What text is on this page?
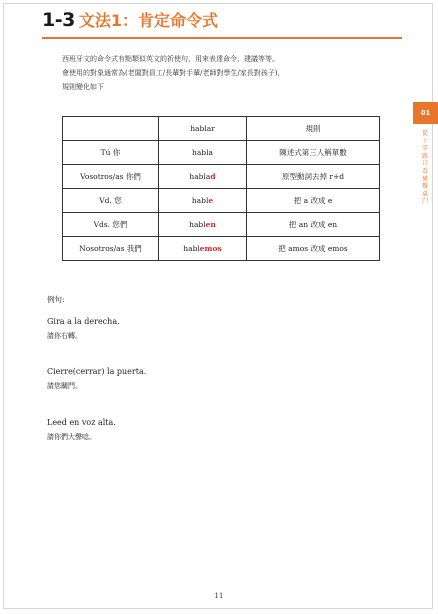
1-3 文法1：肯定命令式
西班牙文的命令式有點類似英文的祈使句，用來表達命令、建議等等。
會使用的對象通常為(老闆對員工/長輩對手輩/老師對學生/家長對孩子)，
規則變化如下
01
從十字路口看懂餐桌了！
	hablar	規則
Tú 你	habla	陳述式第三人稱單數
Vosotros/as 你們	hablad	原型動詞去掉 r+d
Vd. 您	hable	把 a 改成 e
Vds. 您們	hablen	把 an 改成 en
Nosotros/as 我們	hablemos	把 amos 改成 emos
例句:
Gira a la derecha.
請你右轉。
Cierre(cerrar) la puerta.
請您關門。
Leed en voz alta.
請你們大聲唸。
11
